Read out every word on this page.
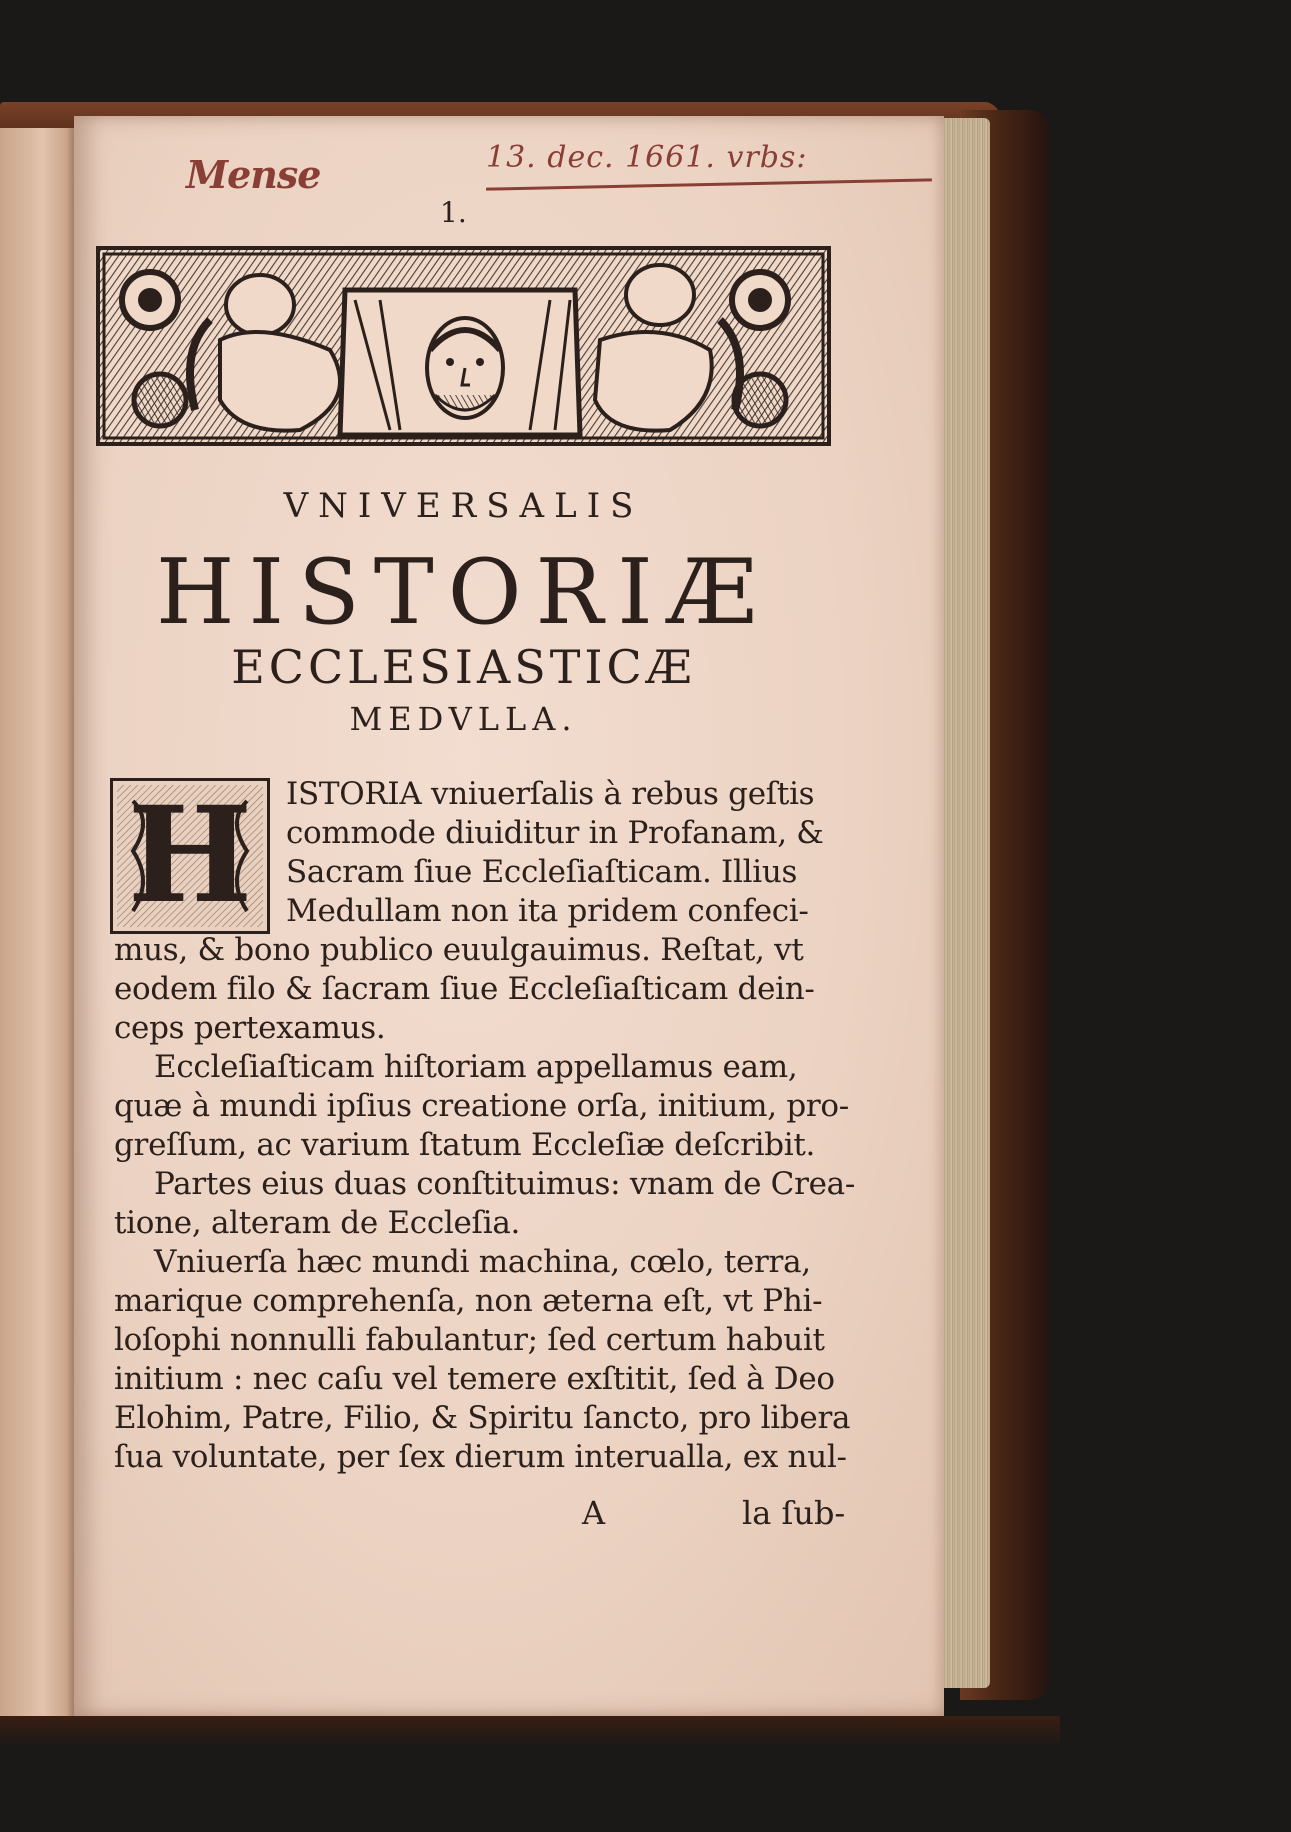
Mense	13. dec. 1661. vrbs:
1.
VNIVERSALIS
HISTORIÆ
ECCLESIASTICÆ
MEDVLLA.
H	ISTORIA vniuerſalis à rebus geſtis
commode diuiditur in Profanam, &
Sacram ſiue Eccleſiaſticam. Illius
Medullam non ita pridem confeci-
mus, & bono publico euulgauimus. Reſtat, vt
eodem filo & ſacram ſiue Eccleſiaſticam dein-
ceps pertexamus.
Eccleſiaſticam hiſtoriam appellamus eam,
quæ à mundi ipſius creatione orſa, initium, pro-
greſſum, ac varium ſtatum Eccleſiæ deſcribit.
Partes eius duas conſtituimus: vnam de Crea-
tione, alteram de Eccleſia.
Vniuerſa hæc mundi machina, cœlo, terra,
marique comprehenſa, non æterna eſt, vt Phi-
loſophi nonnulli fabulantur; ſed certum habuit
initium : nec caſu vel temere exſtitit, ſed à Deo
Elohim, Patre, Filio, & Spiritu ſancto, pro libera
ſua voluntate, per ſex dierum interualla, ex nul-
A	la ſub-
